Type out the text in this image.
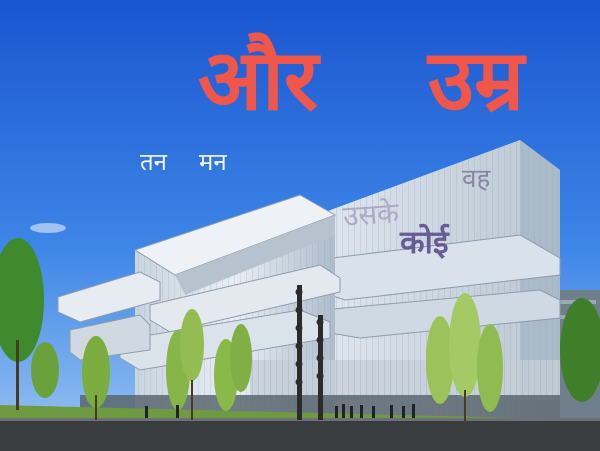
और उम्र
तन मन
वह
उसके
कोई
